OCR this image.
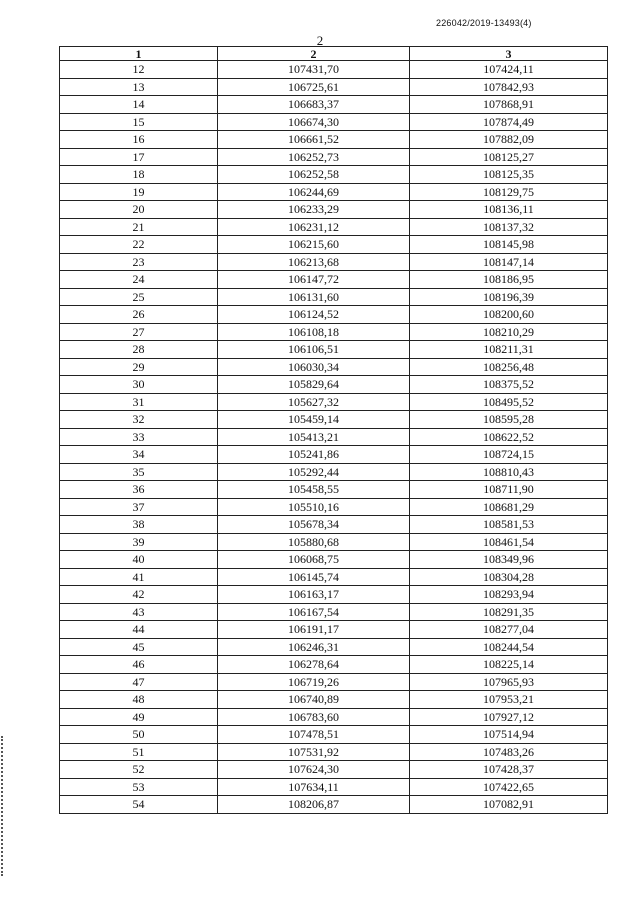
226042/2019-13493(4)
2
1	2	3
12	107431,70	107424,11
13	106725,61	107842,93
14	106683,37	107868,91
15	106674,30	107874,49
16	106661,52	107882,09
17	106252,73	108125,27
18	106252,58	108125,35
19	106244,69	108129,75
20	106233,29	108136,11
21	106231,12	108137,32
22	106215,60	108145,98
23	106213,68	108147,14
24	106147,72	108186,95
25	106131,60	108196,39
26	106124,52	108200,60
27	106108,18	108210,29
28	106106,51	108211,31
29	106030,34	108256,48
30	105829,64	108375,52
31	105627,32	108495,52
32	105459,14	108595,28
33	105413,21	108622,52
34	105241,86	108724,15
35	105292,44	108810,43
36	105458,55	108711,90
37	105510,16	108681,29
38	105678,34	108581,53
39	105880,68	108461,54
40	106068,75	108349,96
41	106145,74	108304,28
42	106163,17	108293,94
43	106167,54	108291,35
44	106191,17	108277,04
45	106246,31	108244,54
46	106278,64	108225,14
47	106719,26	107965,93
48	106740,89	107953,21
49	106783,60	107927,12
50	107478,51	107514,94
51	107531,92	107483,26
52	107624,30	107428,37
53	107634,11	107422,65
54	108206,87	107082,91
